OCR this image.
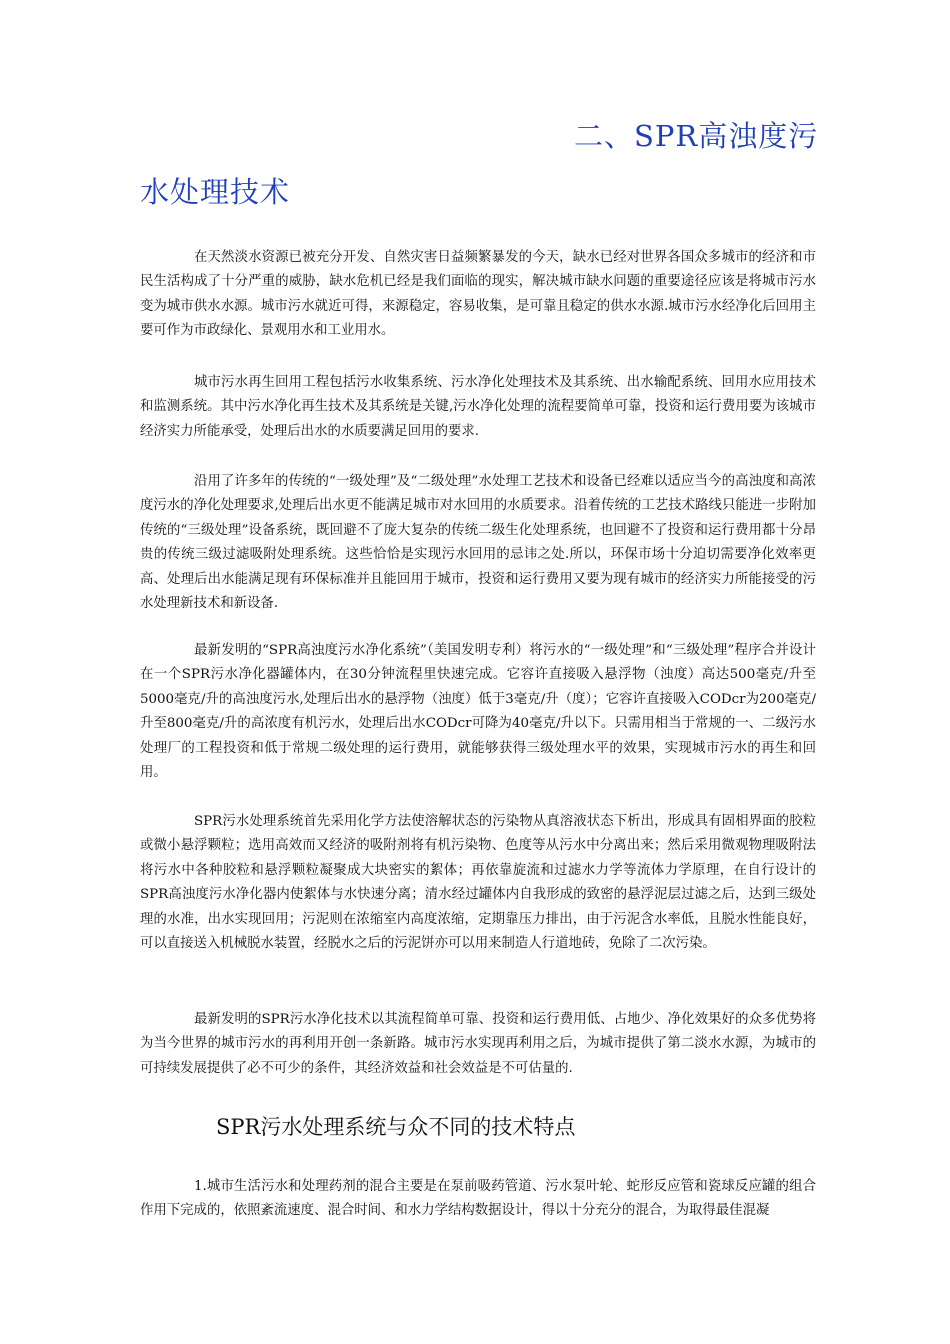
二、SPR高浊度污
水处理技术

在天然淡水资源已被充分开发、自然灾害日益频繁暴发的今天，缺水已经对世界各国众多城市的经济和市民生活构成了十分严重的威胁，缺水危机已经是我们面临的现实，解决城市缺水问题的重要途径应该是将城市污水变为城市供水水源。城市污水就近可得，来源稳定，容易收集，是可靠且稳定的供水水源.城市污水经净化后回用主要可作为市政绿化、景观用水和工业用水。

城市污水再生回用工程包括污水收集系统、污水净化处理技术及其系统、出水输配系统、回用水应用技术和监测系统。其中污水净化再生技术及其系统是关键,污水净化处理的流程要简单可靠，投资和运行费用要为该城市经济实力所能承受，处理后出水的水质要满足回用的要求.

沿用了许多年的传统的“一级处理”及“二级处理”水处理工艺技术和设备已经难以适应当今的高浊度和高浓度污水的净化处理要求,处理后出水更不能满足城市对水回用的水质要求。沿着传统的工艺技术路线只能进一步附加传统的“三级处理”设备系统，既回避不了庞大复杂的传统二级生化处理系统，也回避不了投资和运行费用都十分昂贵的传统三级过滤吸附处理系统。这些恰恰是实现污水回用的忌讳之处.所以，环保市场十分迫切需要净化效率更高、处理后出水能满足现有环保标准并且能回用于城市，投资和运行费用又要为现有城市的经济实力所能接受的污水处理新技术和新设备.

最新发明的“SPR高浊度污水净化系统”（美国发明专利）将污水的“一级处理”和“三级处理”程序合并设计在一个SPR污水净化器罐体内，在30分钟流程里快速完成。它容许直接吸入悬浮物（浊度）高达500毫克/升至5000毫克/升的高浊度污水,处理后出水的悬浮物（浊度）低于3毫克/升（度）；它容许直接吸入CODcr为200毫克/升至800毫克/升的高浓度有机污水，处理后出水CODcr可降为40毫克/升以下。只需用相当于常规的一、二级污水处理厂的工程投资和低于常规二级处理的运行费用，就能够获得三级处理水平的效果，实现城市污水的再生和回用。

SPR污水处理系统首先采用化学方法使溶解状态的污染物从真溶液状态下析出，形成具有固相界面的胶粒或微小悬浮颗粒；选用高效而又经济的吸附剂将有机污染物、色度等从污水中分离出来；然后采用微观物理吸附法将污水中各种胶粒和悬浮颗粒凝聚成大块密实的絮体；再依靠旋流和过滤水力学等流体力学原理，在自行设计的SPR高浊度污水净化器内使絮体与水快速分离；清水经过罐体内自我形成的致密的悬浮泥层过滤之后，达到三级处理的水准，出水实现回用；污泥则在浓缩室内高度浓缩，定期靠压力排出，由于污泥含水率低，且脱水性能良好，可以直接送入机械脱水装置，经脱水之后的污泥饼亦可以用来制造人行道地砖，免除了二次污染。

最新发明的SPR污水净化技术以其流程简单可靠、投资和运行费用低、占地少、净化效果好的众多优势将为当今世界的城市污水的再利用开创一条新路。城市污水实现再利用之后，为城市提供了第二淡水水源，为城市的可持续发展提供了必不可少的条件，其经济效益和社会效益是不可估量的.

SPR污水处理系统与众不同的技术特点

1.城市生活污水和处理药剂的混合主要是在泵前吸药管道、污水泵叶轮、蛇形反应管和瓷球反应罐的组合作用下完成的，依照紊流速度、混合时间、和水力学结构数据设计，得以十分充分的混合，为取得最佳混凝
